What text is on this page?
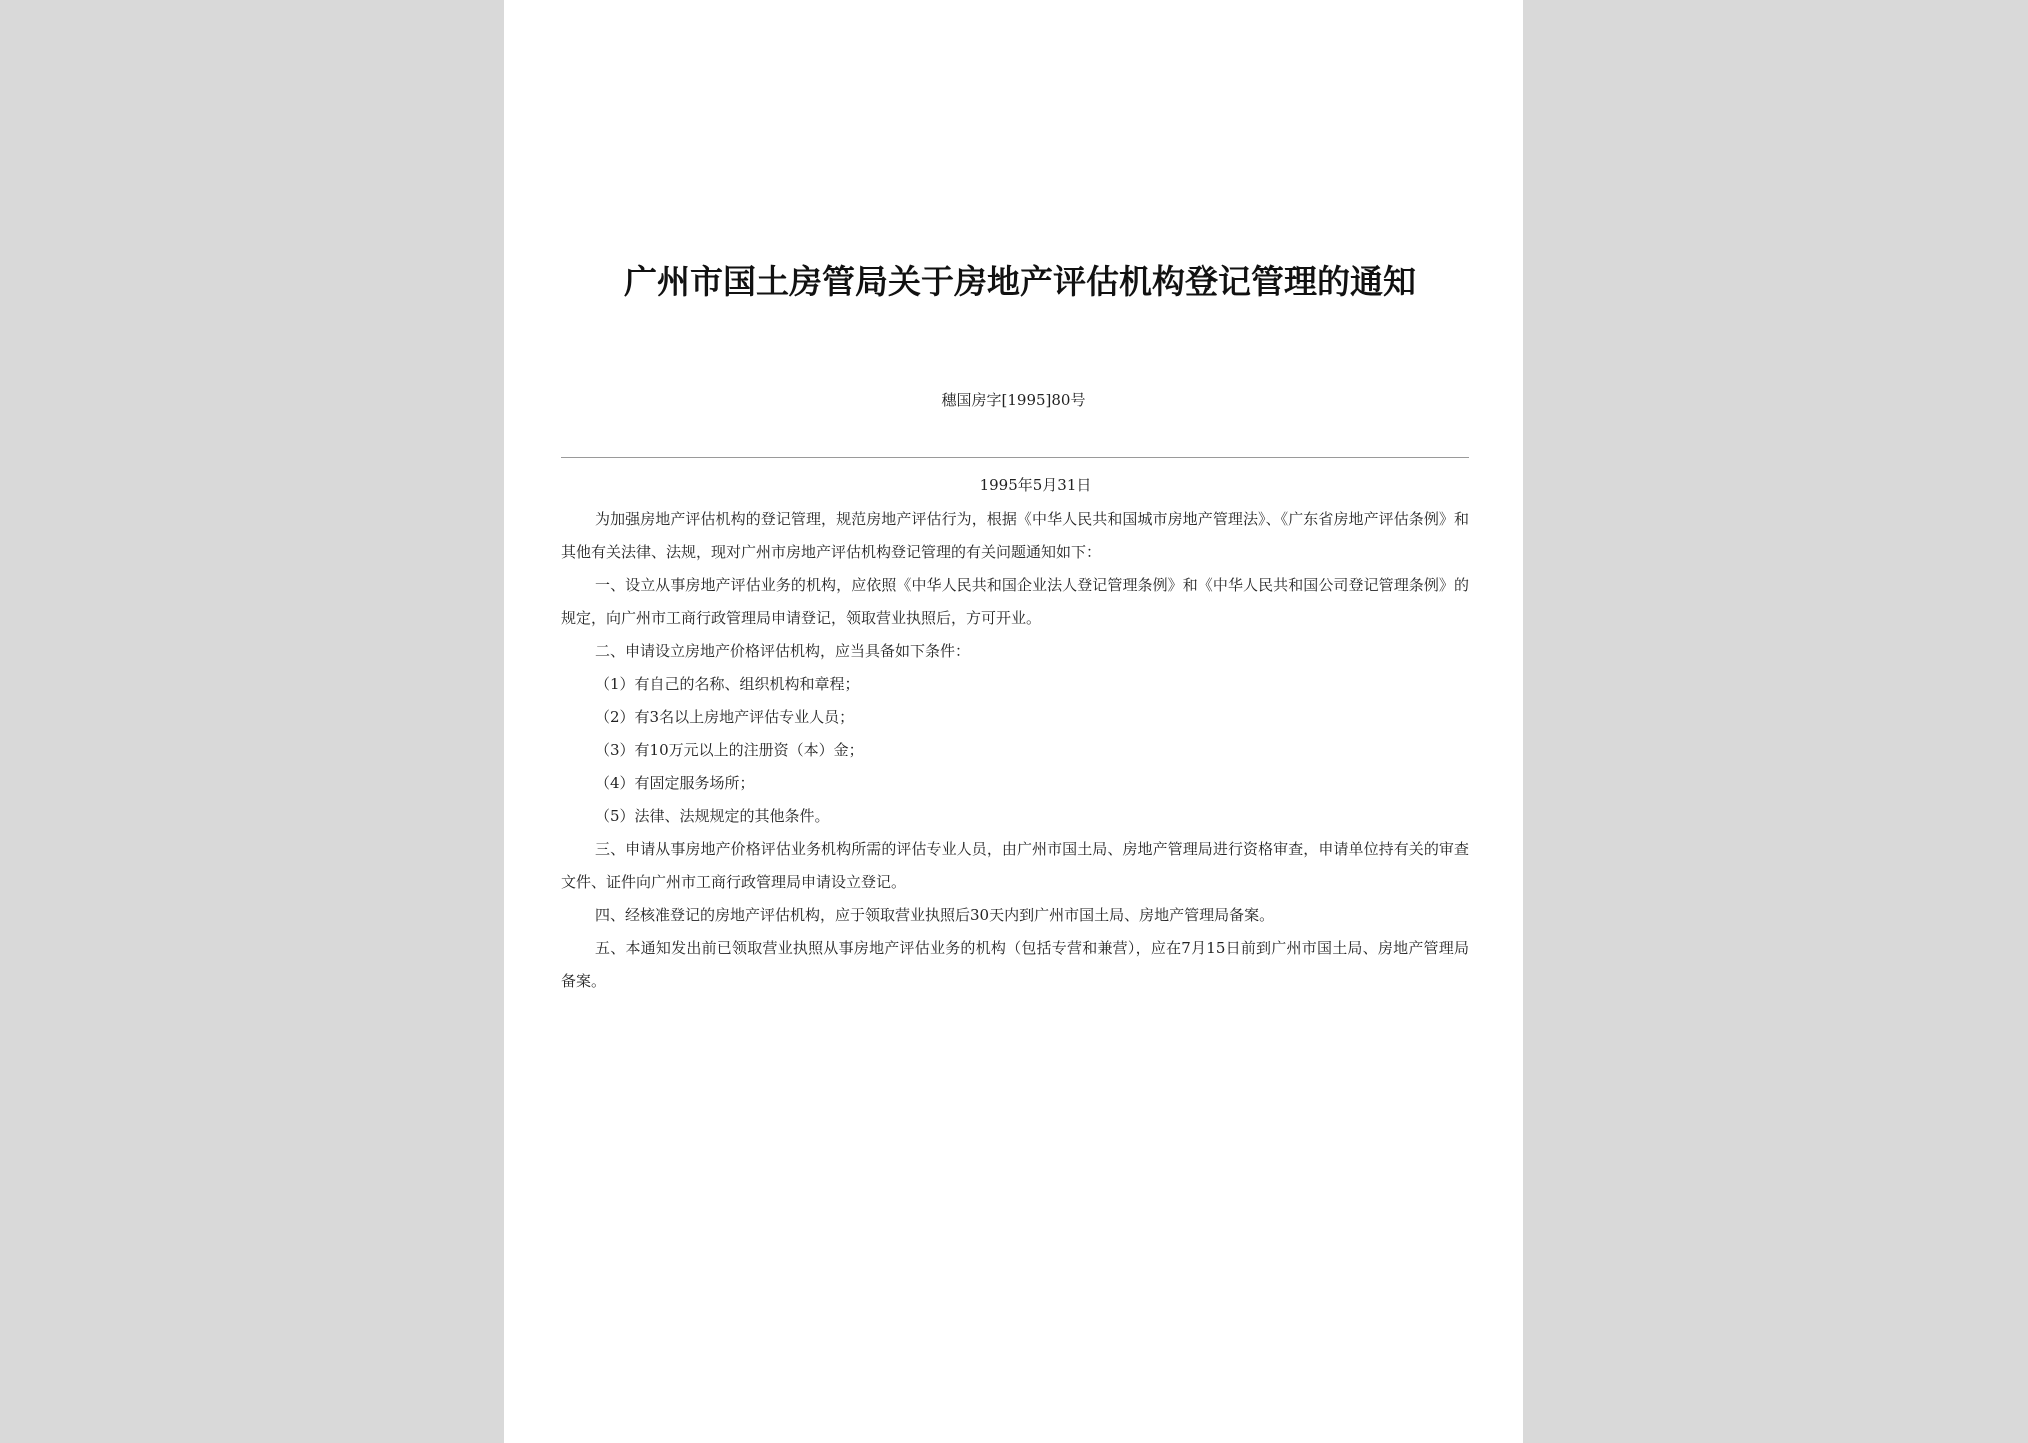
广州市国土房管局关于房地产评估机构登记管理的通知
穗国房字[1995]80号
1995年5月31日

为加强房地产评估机构的登记管理，规范房地产评估行为，根据《中华人民共和国城市房地产管理法》、《广东省房地产评估条例》和其他有关法律、法规，现对广州市房地产评估机构登记管理的有关问题通知如下：

一、设立从事房地产评估业务的机构，应依照《中华人民共和国企业法人登记管理条例》和《中华人民共和国公司登记管理条例》的规定，向广州市工商行政管理局申请登记，领取营业执照后，方可开业。

二、申请设立房地产价格评估机构，应当具备如下条件：

（1）有自己的名称、组织机构和章程；

（2）有3名以上房地产评估专业人员；

（3）有10万元以上的注册资（本）金；

（4）有固定服务场所；

（5）法律、法规规定的其他条件。

三、申请从事房地产价格评估业务机构所需的评估专业人员，由广州市国土局、房地产管理局进行资格审查，申请单位持有关的审查文件、证件向广州市工商行政管理局申请设立登记。

四、经核准登记的房地产评估机构，应于领取营业执照后30天内到广州市国土局、房地产管理局备案。

五、本通知发出前已领取营业执照从事房地产评估业务的机构（包括专营和兼营），应在7月15日前到广州市国土局、房地产管理局备案。
